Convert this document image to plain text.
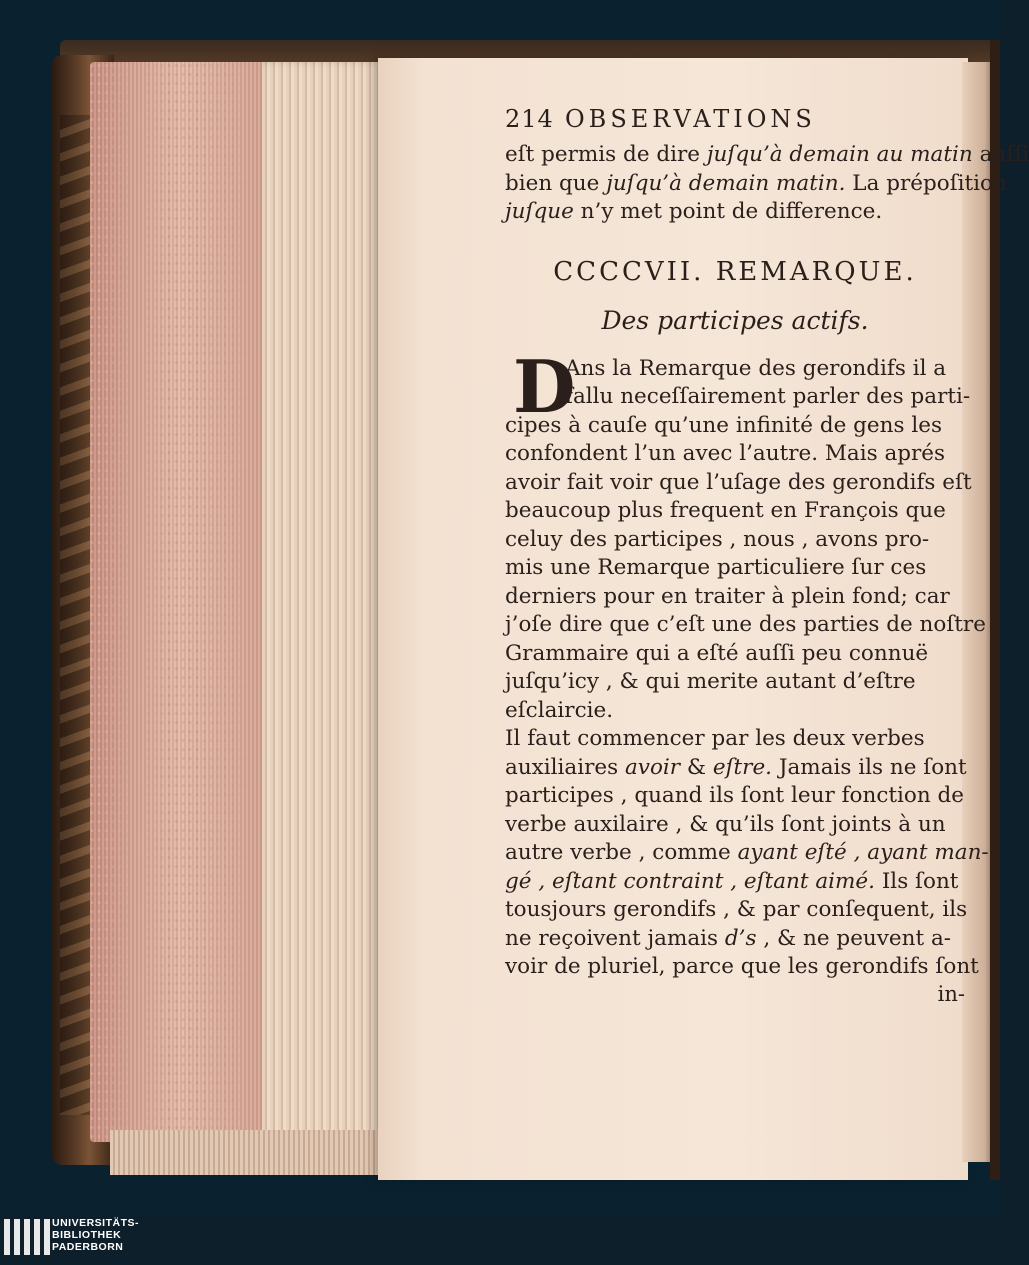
214 OBSERVATIONS
eſt permis de dire juſqu’à demain au matin auſſi
bien que juſqu’à demain matin. La prépoſition
juſque n’y met point de difference.
CCCCVII. REMARQUE.
Des participes actifs.
D
Ans la Remarque des gerondifs il a
fallu neceſſairement parler des parti-
cipes à cauſe qu’une infinité de gens les
confondent l’un avec l’autre. Mais aprés
avoir fait voir que l’uſage des gerondifs eſt
beaucoup plus frequent en François que
celuy des participes , nous , avons pro-
mis une Remarque particuliere ſur ces
derniers pour en traiter à plein fond; car
j’oſe dire que c’eſt une des parties de noſtre
Grammaire qui a eſté auſſi peu connuë
juſqu’icy , & qui merite autant d’eſtre
eſclaircie.
Il faut commencer par les deux verbes
auxiliaires avoir & eſtre. Jamais ils ne ſont
participes , quand ils ſont leur fonction de
verbe auxilaire , & qu’ils ſont joints à un
autre verbe , comme ayant eſté , ayant man-
gé , eſtant contraint , eſtant aimé. Ils ſont
tousjours gerondifs , & par conſequent, ils
ne reçoivent jamais d’s , & ne peuvent a-
voir de pluriel, parce que les gerondifs ſont
in-
UNIVERSITÄTS-
BIBLIOTHEK
PADERBORN
